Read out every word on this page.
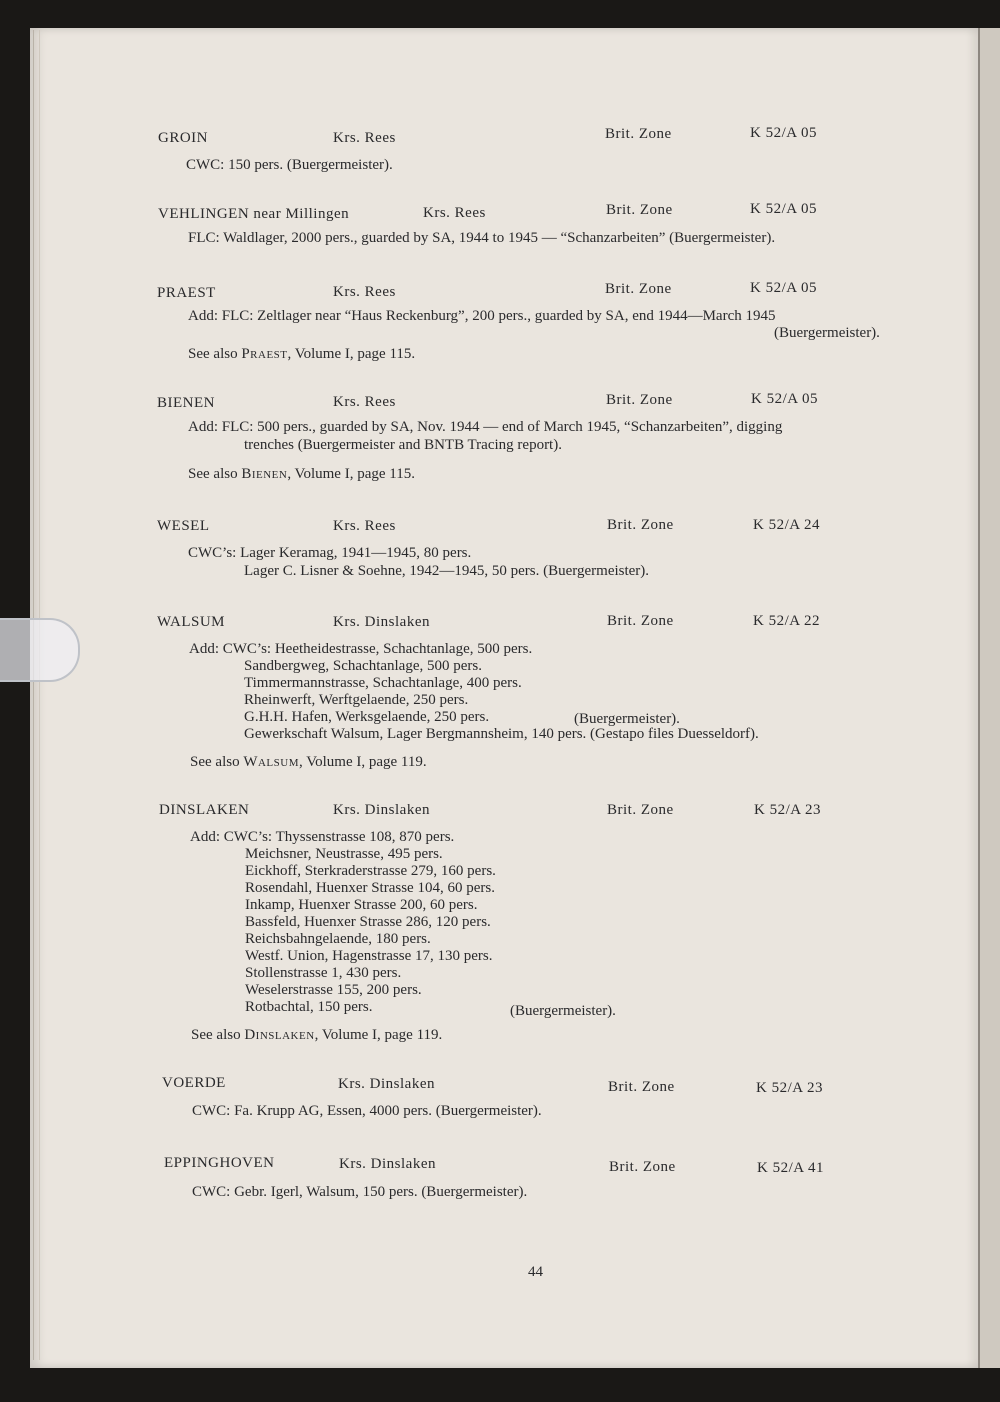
GROIN	Krs. Rees	Brit. Zone	K 52/A 05
CWC: 150 pers. (Buergermeister).
VEHLINGEN near Millingen	Krs. Rees	Brit. Zone	K 52/A 05
FLC: Waldlager, 2000 pers., guarded by SA, 1944 to 1945 — “Schanzarbeiten” (Buergermeister).
PRAEST	Krs. Rees	Brit. Zone	K 52/A 05
Add: FLC: Zeltlager near “Haus Reckenburg”, 200 pers., guarded by SA, end 1944—March 1945
(Buergermeister).
See also Praest, Volume I, page 115.
BIENEN	Krs. Rees	Brit. Zone	K 52/A 05
Add: FLC: 500 pers., guarded by SA, Nov. 1944 — end of March 1945, “Schanzarbeiten”, digging
trenches (Buergermeister and BNTB Tracing report).
See also Bienen, Volume I, page 115.
WESEL	Krs. Rees	Brit. Zone	K 52/A 24
CWC’s: Lager Keramag, 1941—1945, 80 pers.
Lager C. Lisner & Soehne, 1942—1945, 50 pers. (Buergermeister).
WALSUM	Krs. Dinslaken	Brit. Zone	K 52/A 22
Add: CWC’s: Heetheidestrasse, Schachtanlage, 500 pers.
Sandbergweg, Schachtanlage, 500 pers.
Timmermannstrasse, Schachtanlage, 400 pers.
Rheinwerft, Werftgelaende, 250 pers.
G.H.H. Hafen, Werksgelaende, 250 pers.	(Buergermeister).
Gewerkschaft Walsum, Lager Bergmannsheim, 140 pers. (Gestapo files Duesseldorf).
See also Walsum, Volume I, page 119.
DINSLAKEN	Krs. Dinslaken	Brit. Zone	K 52/A 23
Add: CWC’s: Thyssenstrasse 108, 870 pers.
Meichsner, Neustrasse, 495 pers.
Eickhoff, Sterkraderstrasse 279, 160 pers.
Rosendahl, Huenxer Strasse 104, 60 pers.
Inkamp, Huenxer Strasse 200, 60 pers.
Bassfeld, Huenxer Strasse 286, 120 pers.
Reichsbahngelaende, 180 pers.
Westf. Union, Hagenstrasse 17, 130 pers.
Stollenstrasse 1, 430 pers.
Weselerstrasse 155, 200 pers.
Rotbachtal, 150 pers.	(Buergermeister).
See also Dinslaken, Volume I, page 119.
VOERDE	Krs. Dinslaken	Brit. Zone	K 52/A 23
CWC: Fa. Krupp AG, Essen, 4000 pers. (Buergermeister).
EPPINGHOVEN	Krs. Dinslaken	Brit. Zone	K 52/A 41
CWC: Gebr. Igerl, Walsum, 150 pers. (Buergermeister).
44
